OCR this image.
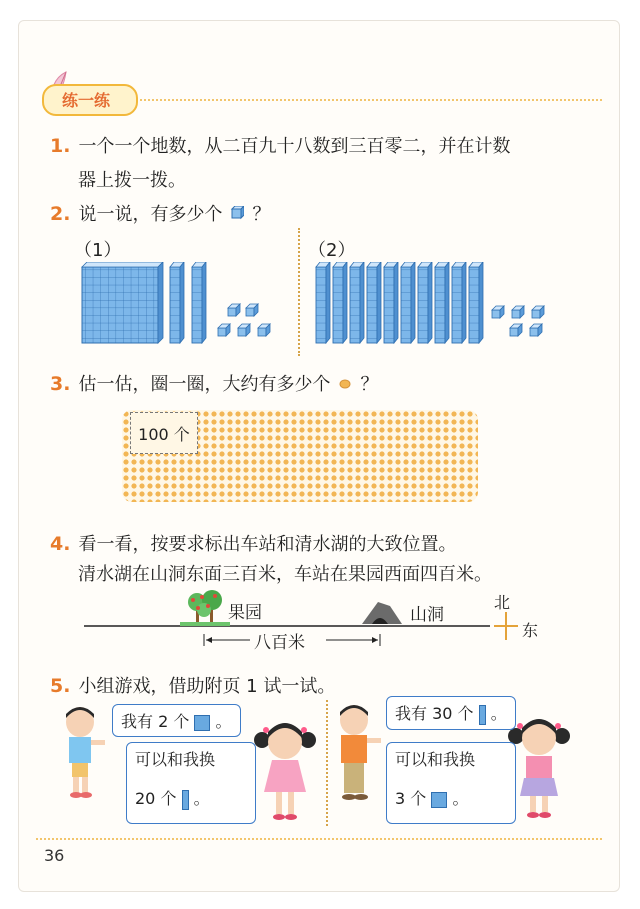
练一练
1. 一个一个地数，从二百九十八数到三百零二，并在计数
器上拨一拨。
2. 说一说，有多少个 ？
（1）	（2）
3. 估一估，圈一圈，大约有多少个 ？
100 个
4. 看一看，按要求标出车站和清水湖的大致位置。
清水湖在山洞东面三百米，车站在果园西面四百米。
果园	山洞
八百米
北
东
5. 小组游戏，借助附页 1 试一试。
我有 2 个 。
可以和我换
20 个 。
我有 30 个 。
可以和我换
3 个 。
36
